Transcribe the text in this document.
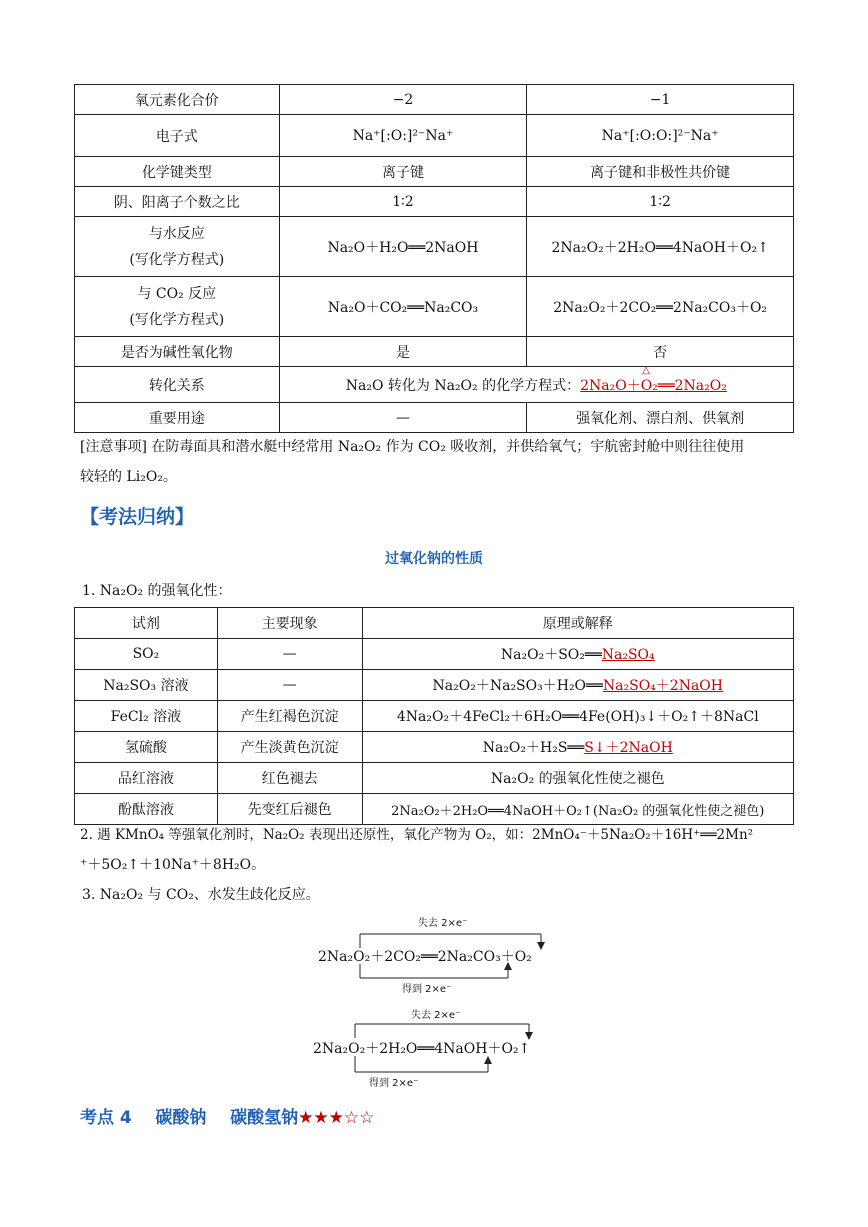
氧元素化合价	−2	−1
电子式	Na⁺[:O:]²⁻Na⁺	Na⁺[:O:O:]²⁻Na⁺
化学键类型	离子键	离子键和非极性共价键
阴、阳离子个数之比	1∶2	1∶2

与水反应
(写化学方程式)	Na₂O＋H₂O══2NaOH	2Na₂O₂＋2H₂O══4NaOH＋O₂↑

与 CO₂ 反应
(写化学方程式)	Na₂O＋CO₂══Na₂CO₃	2Na₂O₂＋2CO₂══2Na₂CO₃＋O₂
是否为碱性氧化物	是	否
转化关系	Na₂O 转化为 Na₂O₂ 的化学方程式：
△
2Na₂O＋O₂══2Na₂O₂	
重要用途	—	强氧化剂、漂白剂、供氧剂
[注意事项] 在防毒面具和潜水艇中经常用 Na₂O₂ 作为 CO₂ 吸收剂，并供给氧气；宇航密封舱中则往往使用
较轻的 Li₂O₂。
【考法归纳】
过氧化钠的性质
1. Na₂O₂ 的强氧化性：
试剂	主要现象	原理或解释
SO₂	—	Na₂O₂＋SO₂══Na₂SO₄
Na₂SO₃ 溶液	—	Na₂O₂＋Na₂SO₃＋H₂O══Na₂SO₄＋2NaOH
FeCl₂ 溶液	产生红褐色沉淀	4Na₂O₂＋4FeCl₂＋6H₂O══4Fe(OH)₃↓＋O₂↑＋8NaCl
氢硫酸	产生淡黄色沉淀	Na₂O₂＋H₂S══S↓＋2NaOH
品红溶液	红色褪去	Na₂O₂ 的强氧化性使之褪色
酚酞溶液	先变红后褪色	2Na₂O₂＋2H₂O══4NaOH＋O₂↑(Na₂O₂ 的强氧化性使之褪色)
2. 遇 KMnO₄ 等强氧化剂时，Na₂O₂ 表现出还原性，氧化产物为 O₂，如：2MnO₄⁻＋5Na₂O₂＋16H⁺══2Mn²
⁺＋5O₂↑＋10Na⁺＋8H₂O。
3. Na₂O₂ 与 CO₂、水发生歧化反应。
失去 2×e⁻
2Na₂O₂＋2CO₂══2Na₂CO₃＋O₂
得到 2×e⁻
失去 2×e⁻
2Na₂O₂＋2H₂O══4NaOH＋O₂↑
得到 2×e⁻
考点 4    碳酸钠    碳酸氢钠★★★☆☆
